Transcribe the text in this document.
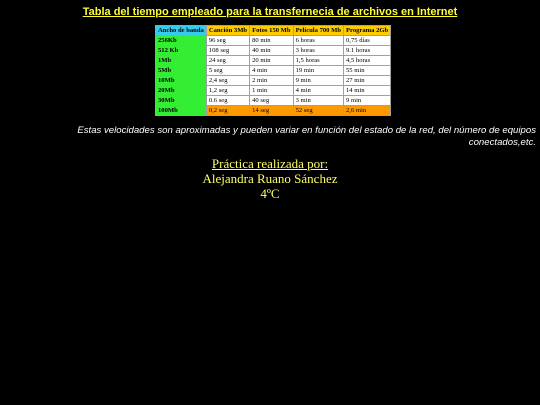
Tabla del tiempo empleado para la transfernecia de archivos en Internet
Ancho de banda	Canción 3Mb	Fotos 150 Mb	Película 700 Mb	Programa 2Gb
256Kb	96 seg	80 min	6 horas	0,75 días
512 Kb	108 seg	40 min	3 horas	9.1 horas
1Mb	24 seg	20 min	1,5 horas	4,5 horas
5Mb	5 seg	4 min	19 min	55 min
10Mb	2,4 seg	2 min	9 min	27 min
20Mb	1,2 seg	1 min	4 min	14 min
30Mb	0.6 seg	40 seg	3 min	9 min
100Mb	0,2 seg	14 seg	52 seg	2,6 min
Estas velocidades son aproximadas y pueden variar en función del estado de la red, del número de equipos conectados,etc.
Práctica realizada por:
Alejandra Ruano Sánchez
4ºC
